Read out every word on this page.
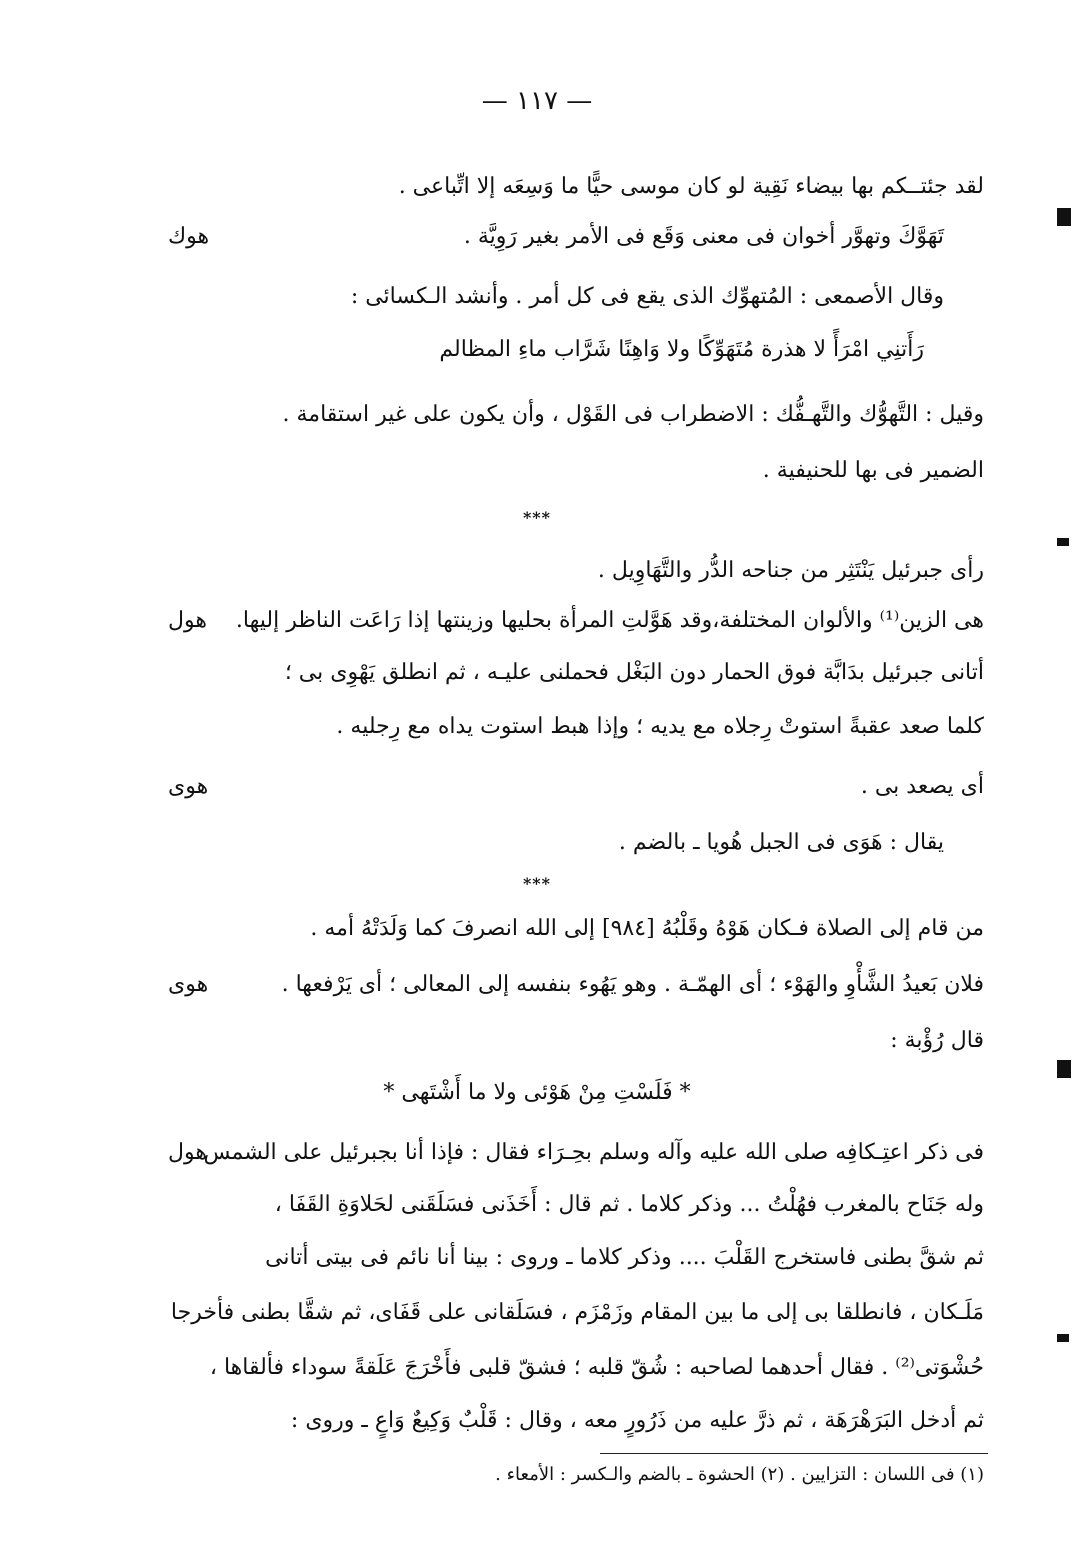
— ١١٧ —
لقد جئتــكم بها بيضاء نَقِية لو كان موسى حيًّا ما وَسِعَه إلا اتِّباعى .
تَهَوَّكَ وتهوَّر أخوان فى معنى وَقَع فى الأمر بغير رَوِيَّة .
هوك
وقال الأصمعى : المُتهوِّك الذى يقع فى كل أمر . وأنشد الـكسائى :
رَأَتنِي امْرَأً لا هذرة مُتَهَوِّكًا ولا وَاهِنًا شَرَّاب ماءِ المظالم
وقيل : التَّهوُّك والتَّهـفُّك : الاضطراب فى القَوْل ، وأن يكون على غير استقامة .
الضمير فى بها للحنيفية .
***
رأى جبرئيل يَنْتَثِر من جناحه الدُّر والتَّهَاوِيل .
هى الزين⁽¹⁾ والألوان المختلفة،وقد هَوَّلتِ المرأة بحليها وزينتها إذا رَاعَت الناظر إليها.
هول
أتانى جبرئيل بدَابَّة فوق الحمار دون البَغْل فحملنى عليـه ، ثم انطلق يَهْوِى بى ؛
كلما صعد عقبةً استوتْ رِجلاه مع يديه ؛ وإذا هبط استوت يداه مع رِجليه .
أى يصعد بى .
هوى
يقال : هَوَى فى الجبل هُويا ـ بالضم .
***
من قام إلى الصلاة فـكان هَوْهُ وقَلْبُهُ [٩٨٤] إلى الله انصرفَ كما وَلَدَتْهُ أمه .
فلان بَعيدُ الشَّأْوِ والهَوْء ؛ أى الهمّـة . وهو يَهُوء بنفسه إلى المعالى ؛ أى يَرْفعها .
هوى
قال رُؤْبة :
* فَلَسْتِ مِنْ هَوْئى ولا ما أَشْتَهى *
فى ذكر اعتِـكافِه صلى الله عليه وآله وسلم بحِـرَاء فقال : فإذا أنا بجبرئيل على الشمس
هول
وله جَنَاح بالمغرب فهُلْتُ ... وذكر كلاما . ثم قال : أَخَذَنى فسَلَقَنى لحَلاوَةِ القَفَا ،
ثم شقَّ بطنى فاستخرج القَلْبَ .... وذكر كلاما ـ وروى : بينا أنا نائم فى بيتى أتانى
مَلَـكان ، فانطلقا بى إلى ما بين المقام وزَمْزَم ، فسَلَقانى على قَفَاى، ثم شقَّا بطنى فأخرجا
حُشْوَتى⁽²⁾ . فقال أحدهما لصاحبه : شُقّ قلبه ؛ فشقّ قلبى فأَخْرَجَ عَلَقةً سوداء فألقاها ،
ثم أدخل البَرَهْرَهَة ، ثم ذرَّ عليه من ذَرُورٍ معه ، وقال : قَلْبٌ وَكِيعٌ وَاعٍ ـ وروى :
(١) فى اللسان : التزايين . (٢) الحشوة ـ بالضم والـكسر : الأمعاء .
